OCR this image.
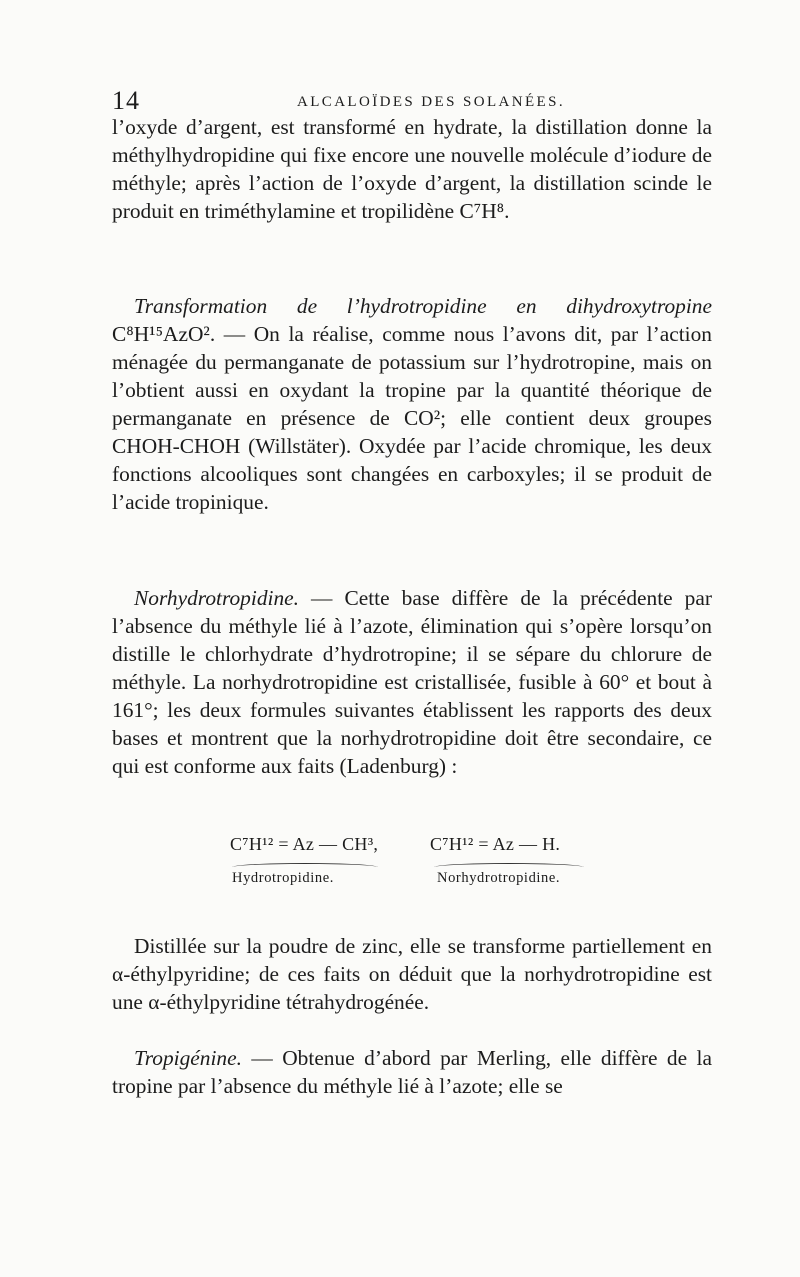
14	ALCALOÏDES DES SOLANÉES.

l’oxyde d’argent, est transformé en hydrate, la distillation donne la méthylhydropidine qui fixe encore une nouvelle molécule d’iodure de méthyle; après l’action de l’oxyde d’argent, la distillation scinde le produit en triméthylamine et tropilidène C⁷H⁸.

Transformation de l’hydrotropidine en dihydroxytropine C⁸H¹⁵AzO². — On la réalise, comme nous l’avons dit, par l’action ménagée du permanganate de potassium sur l’hydrotropine, mais on l’obtient aussi en oxydant la tropine par la quantité théorique de permanganate en présence de CO²; elle contient deux groupes CHOH-CHOH (Willstäter). Oxydée par l’acide chromique, les deux fonctions alcooliques sont changées en carboxyles; il se produit de l’acide tropinique.

Norhydrotropidine. — Cette base diffère de la précédente par l’absence du méthyle lié à l’azote, élimination qui s’opère lorsqu’on distille le chlorhydrate d’hydrotropine; il se sépare du chlorure de méthyle. La norhydrotropidine est cristallisée, fusible à 60° et bout à 161°; les deux formules suivantes établissent les rapports des deux bases et montrent que la norhydrotropidine doit être secondaire, ce qui est conforme aux faits (Ladenburg) :

C⁷H¹² = Az — CH³,
Hydrotropidine.
C⁷H¹² = Az — H.
Norhydrotropidine.

Distillée sur la poudre de zinc, elle se transforme partiellement en α-éthylpyridine; de ces faits on déduit que la norhydrotropidine est une α-éthylpyridine tétrahydrogénée.

Tropigénine. — Obtenue d’abord par Merling, elle diffère de la tropine par l’absence du méthyle lié à l’azote; elle se
